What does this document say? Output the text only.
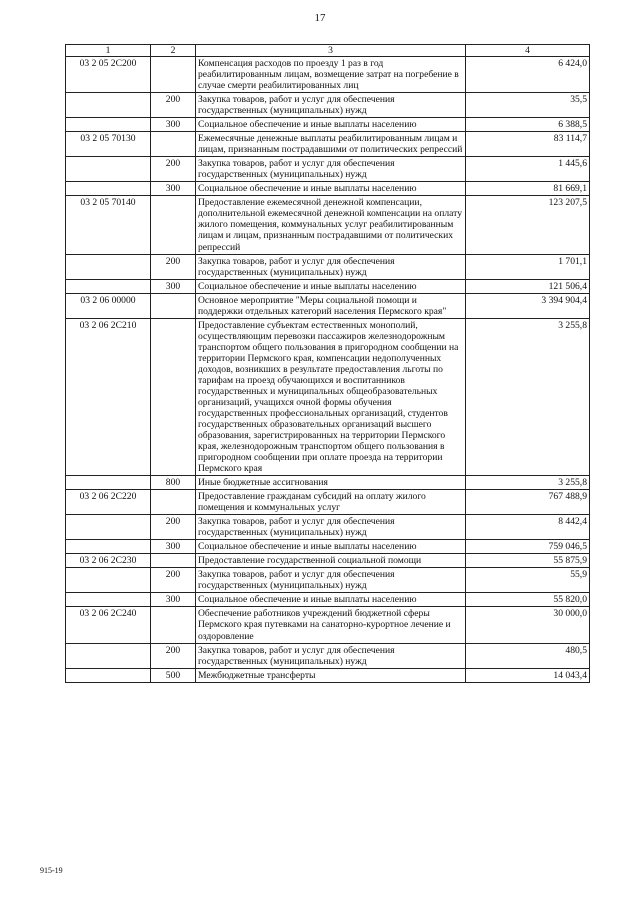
17
1	2	3	4
03 2 05 2С200		Компенсация расходов по проезду 1 раз в год реабилитированным лицам, возмещение затрат на погребение в случае смерти реабилитированных лиц	6 424,0
	200	Закупка товаров, работ и услуг для обеспечения государственных (муниципальных) нужд	35,5
	300	Социальное обеспечение и иные выплаты населению	6 388,5
03 2 05 70130		Ежемесячные денежные выплаты реабилитированным лицам и лицам, признанным пострадавшими от политических репрессий	83 114,7
	200	Закупка товаров, работ и услуг для обеспечения государственных (муниципальных) нужд	1 445,6
	300	Социальное обеспечение и иные выплаты населению	81 669,1
03 2 05 70140		Предоставление ежемесячной денежной компенсации, дополнительной ежемесячной денежной компенсации на оплату жилого помещения, коммунальных услуг реабилитированным лицам и лицам, признанным пострадавшими от политических репрессий	123 207,5
	200	Закупка товаров, работ и услуг для обеспечения государственных (муниципальных) нужд	1 701,1
	300	Социальное обеспечение и иные выплаты населению	121 506,4
03 2 06 00000		Основное мероприятие "Меры социальной помощи и поддержки отдельных категорий населения Пермского края"	3 394 904,4
03 2 06 2С210		Предоставление субъектам естественных монополий, осуществляющим перевозки пассажиров железнодорожным транспортом общего пользования в пригородном сообщении на территории Пермского края, компенсации недополученных доходов, возникших в результате предоставления льготы по тарифам на проезд обучающихся и воспитанников государственных и муниципальных общеобразовательных организаций, учащихся очной формы обучения государственных профессиональных организаций, студентов государственных образовательных организаций высшего образования, зарегистрированных на территории Пермского края, железнодорожным транспортом общего пользования в пригородном сообщении при оплате проезда на территории Пермского края	3 255,8
	800	Иные бюджетные ассигнования	3 255,8
03 2 06 2С220		Предоставление гражданам субсидий на оплату жилого помещения и коммунальных услуг	767 488,9
	200	Закупка товаров, работ и услуг для обеспечения государственных (муниципальных) нужд	8 442,4
	300	Социальное обеспечение и иные выплаты населению	759 046,5
03 2 06 2С230		Предоставление государственной социальной помощи	55 875,9
	200	Закупка товаров, работ и услуг для обеспечения государственных (муниципальных) нужд	55,9
	300	Социальное обеспечение и иные выплаты населению	55 820,0
03 2 06 2С240		Обеспечение работников учреждений бюджетной сферы Пермского края путевками на санаторно-курортное лечение и оздоровление	30 000,0
	200	Закупка товаров, работ и услуг для обеспечения государственных (муниципальных) нужд	480,5
	500	Межбюджетные трансферты	14 043,4
915-19
